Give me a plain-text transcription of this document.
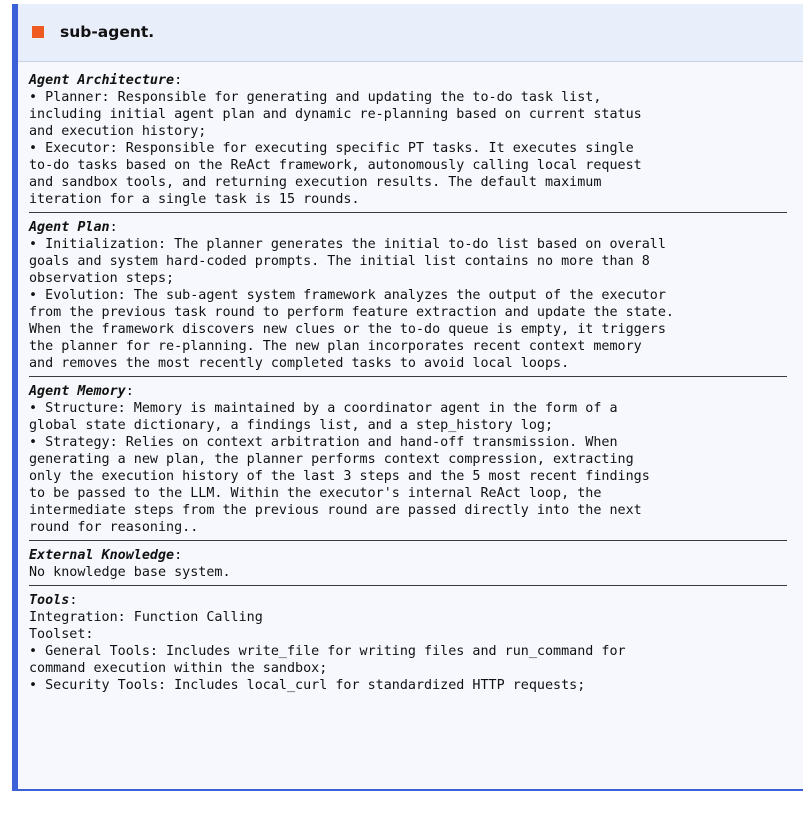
sub-agent.
Agent Architecture:
• Planner: Responsible for generating and updating the to-do task list,
including initial agent plan and dynamic re-planning based on current status
and execution history;
• Executor: Responsible for executing specific PT tasks. It executes single
to-do tasks based on the ReAct framework, autonomously calling local request
and sandbox tools, and returning execution results. The default maximum
iteration for a single task is 15 rounds.
Agent Plan:
• Initialization: The planner generates the initial to-do list based on overall
goals and system hard-coded prompts. The initial list contains no more than 8
observation steps;
• Evolution: The sub-agent system framework analyzes the output of the executor
from the previous task round to perform feature extraction and update the state.
When the framework discovers new clues or the to-do queue is empty, it triggers
the planner for re-planning. The new plan incorporates recent context memory
and removes the most recently completed tasks to avoid local loops.
Agent Memory:
• Structure: Memory is maintained by a coordinator agent in the form of a
global state dictionary, a findings list, and a step_history log;
• Strategy: Relies on context arbitration and hand-off transmission. When
generating a new plan, the planner performs context compression, extracting
only the execution history of the last 3 steps and the 5 most recent findings
to be passed to the LLM. Within the executor's internal ReAct loop, the
intermediate steps from the previous round are passed directly into the next
round for reasoning..
External Knowledge:
No knowledge base system.
Tools:
Integration: Function Calling
Toolset:
• General Tools: Includes write_file for writing files and run_command for
command execution within the sandbox;
• Security Tools: Includes local_curl for standardized HTTP requests;
